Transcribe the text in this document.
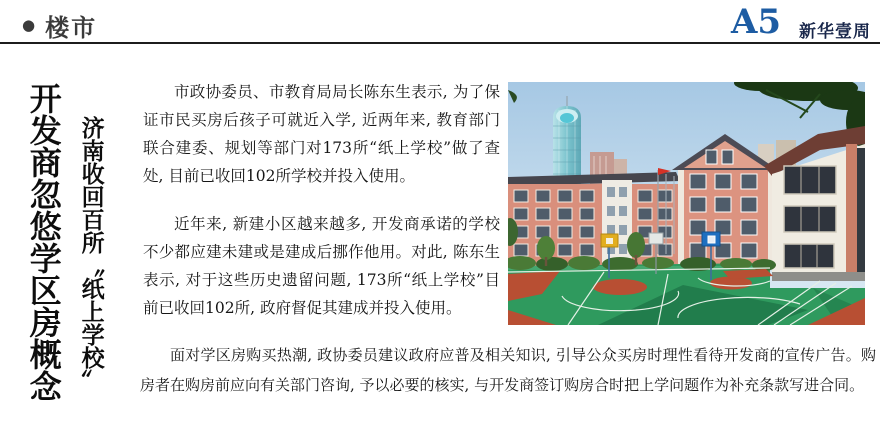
● 楼市	A5 新华壹周
开发商忽悠学区房概念 济南收回百所〝纸上学校〟

市政协委员、市教育局局长陈东生表示, 为了保证市民买房后孩子可就近入学, 近两年来, 教育部门联合建委、规划等部门对173所“纸上学校”做了查处, 目前已收回102所学校并投入使用。

近年来, 新建小区越来越多, 开发商承诺的学校不少都应建未建或是建成后挪作他用。对此, 陈东生表示, 对于这些历史遗留问题, 173所“纸上学校”目前已收回102所, 政府督促其建成并投入使用。

面对学区房购买热潮, 政协委员建议政府应普及相关知识, 引导公众买房时理性看待开发商的宣传广告。购房者在购房前应向有关部门咨询, 予以必要的核实, 与开发商签订购房合时把上学问题作为补充条款写进合同。
